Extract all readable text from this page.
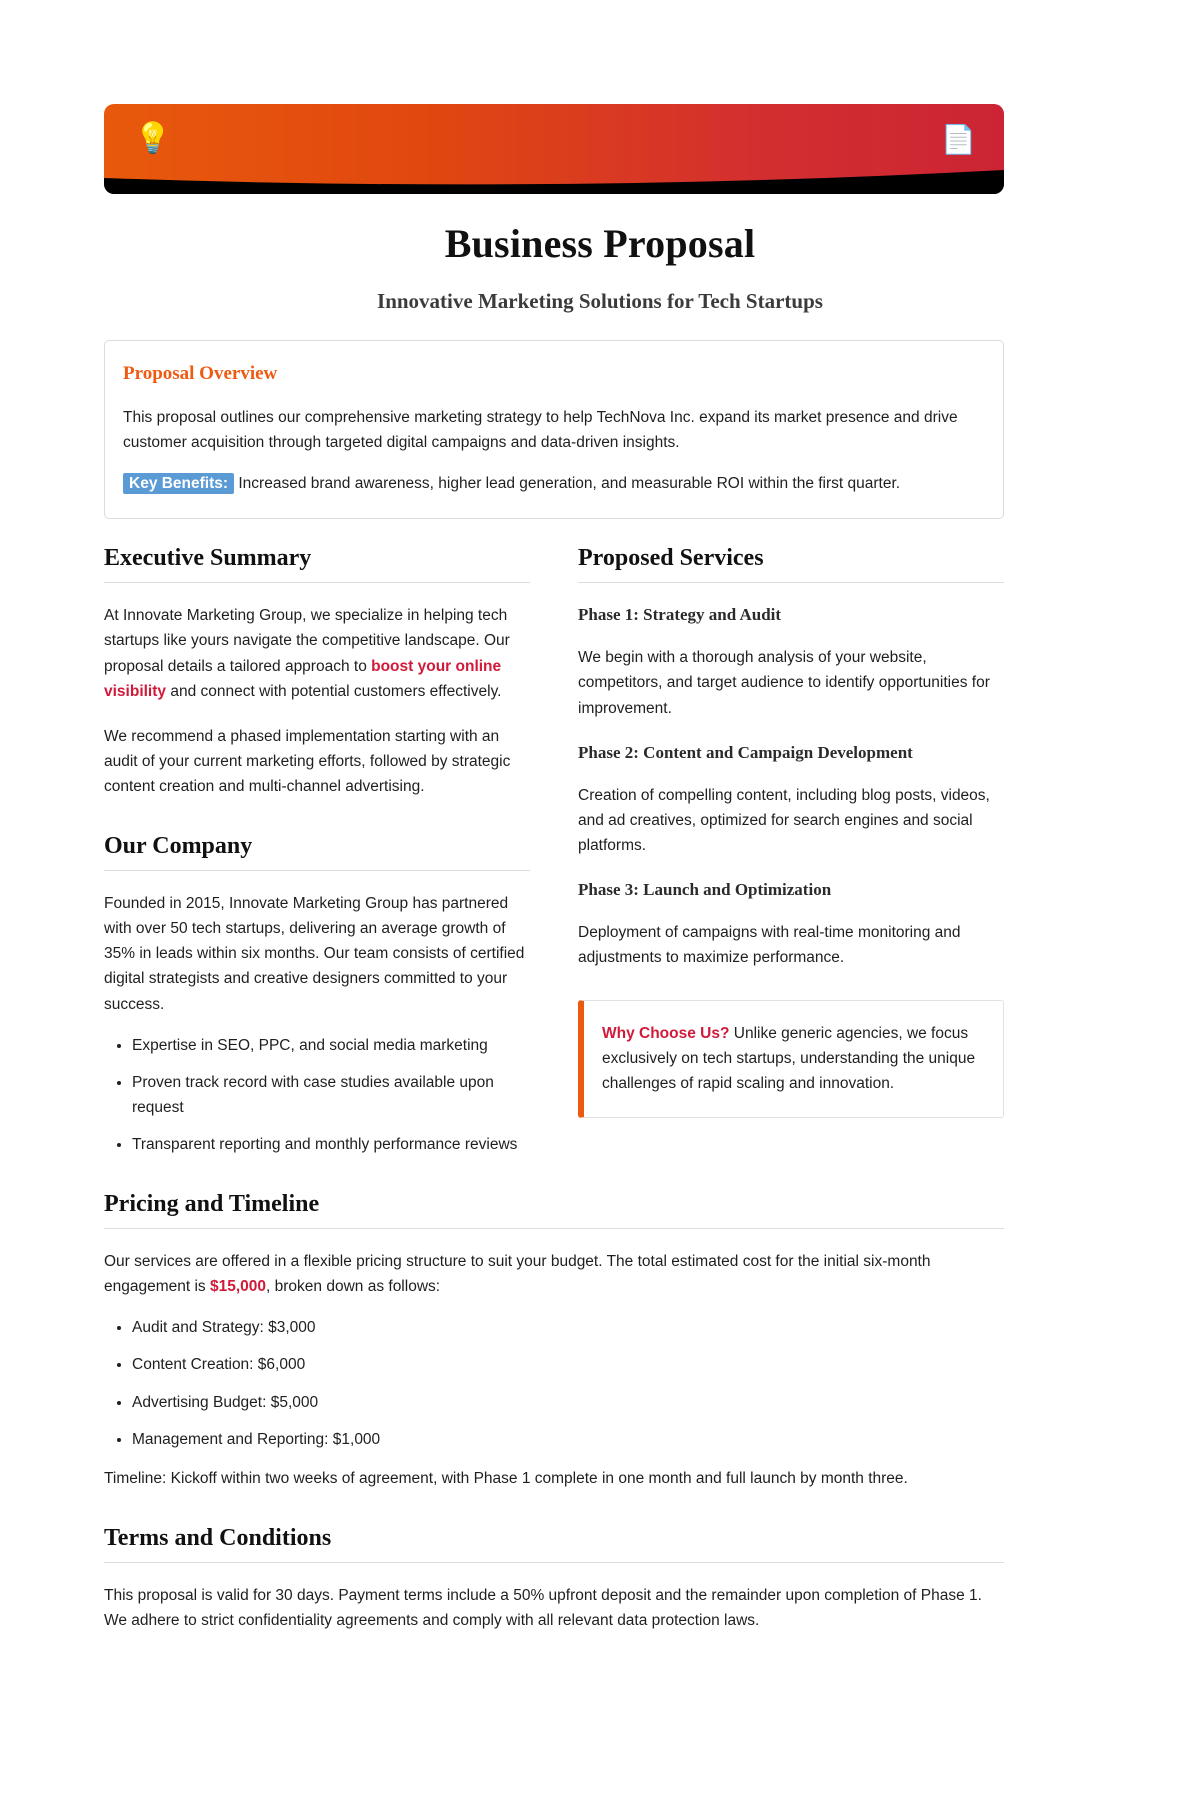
💡	📄
Business Proposal
Innovative Marketing Solutions for Tech Startups
Proposal Overview

This proposal outlines our comprehensive marketing strategy to help TechNova Inc. expand its market presence and drive customer acquisition through targeted digital campaigns and data-driven insights.

Key Benefits: Increased brand awareness, higher lead generation, and measurable ROI within the first quarter.

Executive Summary

At Innovate Marketing Group, we specialize in helping tech startups like yours navigate the competitive landscape. Our proposal details a tailored approach to boost your online visibility and connect with potential customers effectively.

We recommend a phased implementation starting with an audit of your current marketing efforts, followed by strategic content creation and multi-channel advertising.

Our Company

Founded in 2015, Innovate Marketing Group has partnered with over 50 tech startups, delivering an average growth of 35% in leads within six months. Our team consists of certified digital strategists and creative designers committed to your success.

• Expertise in SEO, PPC, and social media marketing
• Proven track record with case studies available upon request
• Transparent reporting and monthly performance reviews
Proposed Services
Phase 1: Strategy and Audit

We begin with a thorough analysis of your website, competitors, and target audience to identify opportunities for improvement.

Phase 2: Content and Campaign Development

Creation of compelling content, including blog posts, videos, and ad creatives, optimized for search engines and social platforms.

Phase 3: Launch and Optimization

Deployment of campaigns with real-time monitoring and adjustments to maximize performance.

Why Choose Us? Unlike generic agencies, we focus exclusively on tech startups, understanding the unique challenges of rapid scaling and innovation.

Pricing and Timeline

Our services are offered in a flexible pricing structure to suit your budget. The total estimated cost for the initial six-month engagement is $15,000, broken down as follows:

• Audit and Strategy: $3,000
• Content Creation: $6,000
• Advertising Budget: $5,000
• Management and Reporting: $1,000

Timeline: Kickoff within two weeks of agreement, with Phase 1 complete in one month and full launch by month three.

Terms and Conditions

This proposal is valid for 30 days. Payment terms include a 50% upfront deposit and the remainder upon completion of Phase 1. We adhere to strict confidentiality agreements and comply with all relevant data protection laws.
